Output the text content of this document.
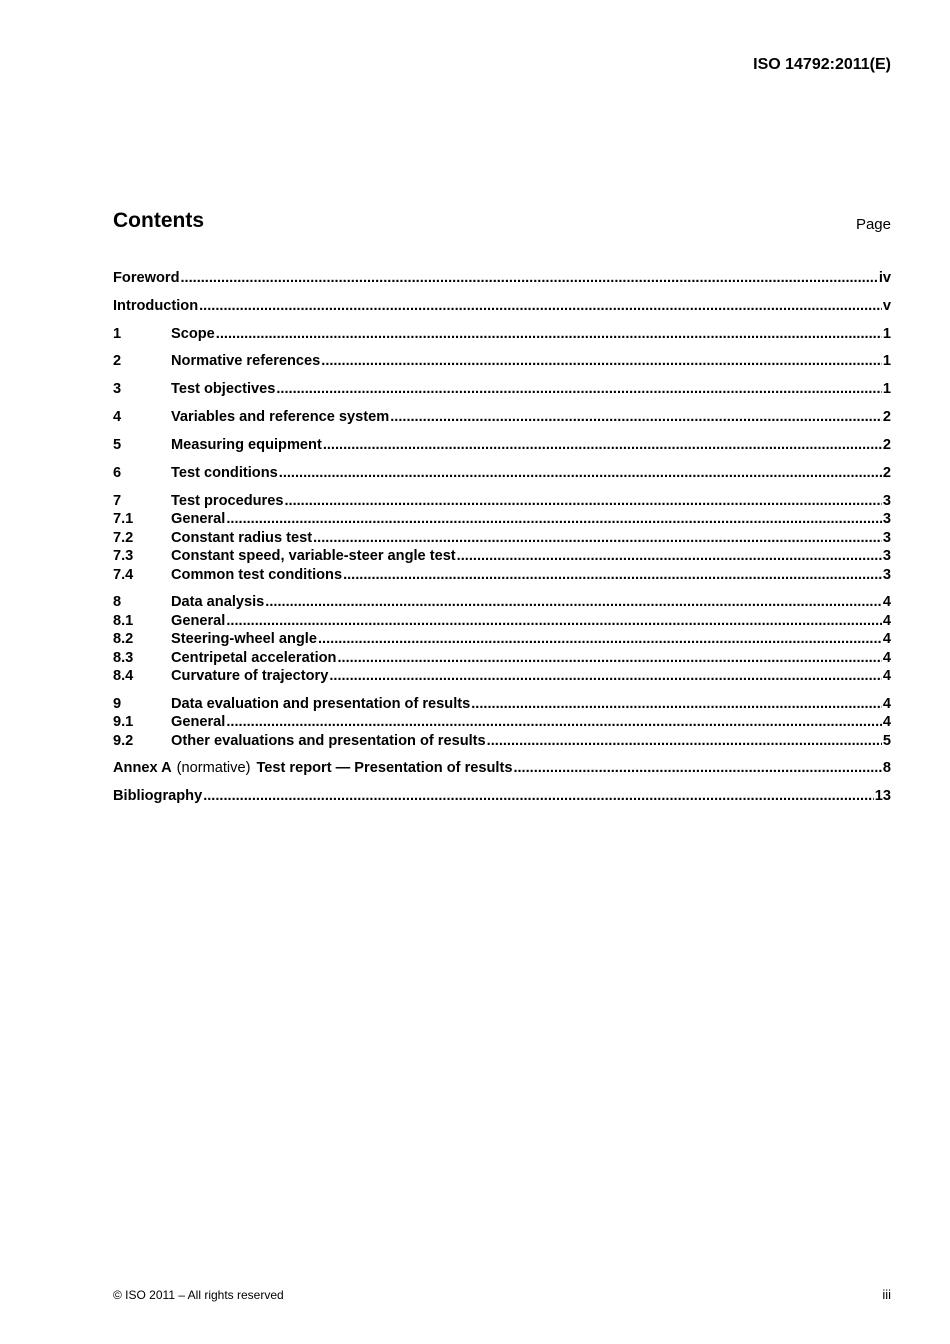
ISO 14792:2011(E)
Contents	Page
Foreword .....	iv
Introduction .....	v
1	Scope .....	1
2	Normative references .....	1
3	Test objectives .....	1
4	Variables and reference system .....	2
5	Measuring equipment .....	2
6	Test conditions .....	2
7	Test procedures .....	3
7.1	General .....	3
7.2	Constant radius test .....	3
7.3	Constant speed, variable-steer angle test .....	3
7.4	Common test conditions .....	3
8	Data analysis .....	4
8.1	General .....	4
8.2	Steering-wheel angle .....	4
8.3	Centripetal acceleration .....	4
8.4	Curvature of trajectory .....	4
9	Data evaluation and presentation of results .....	4
9.1	General .....	4
9.2	Other evaluations and presentation of results .....	5
Annex A (normative) Test report — Presentation of results .....	8
Bibliography .....	13
© ISO 2011 – All rights reserved	iii
